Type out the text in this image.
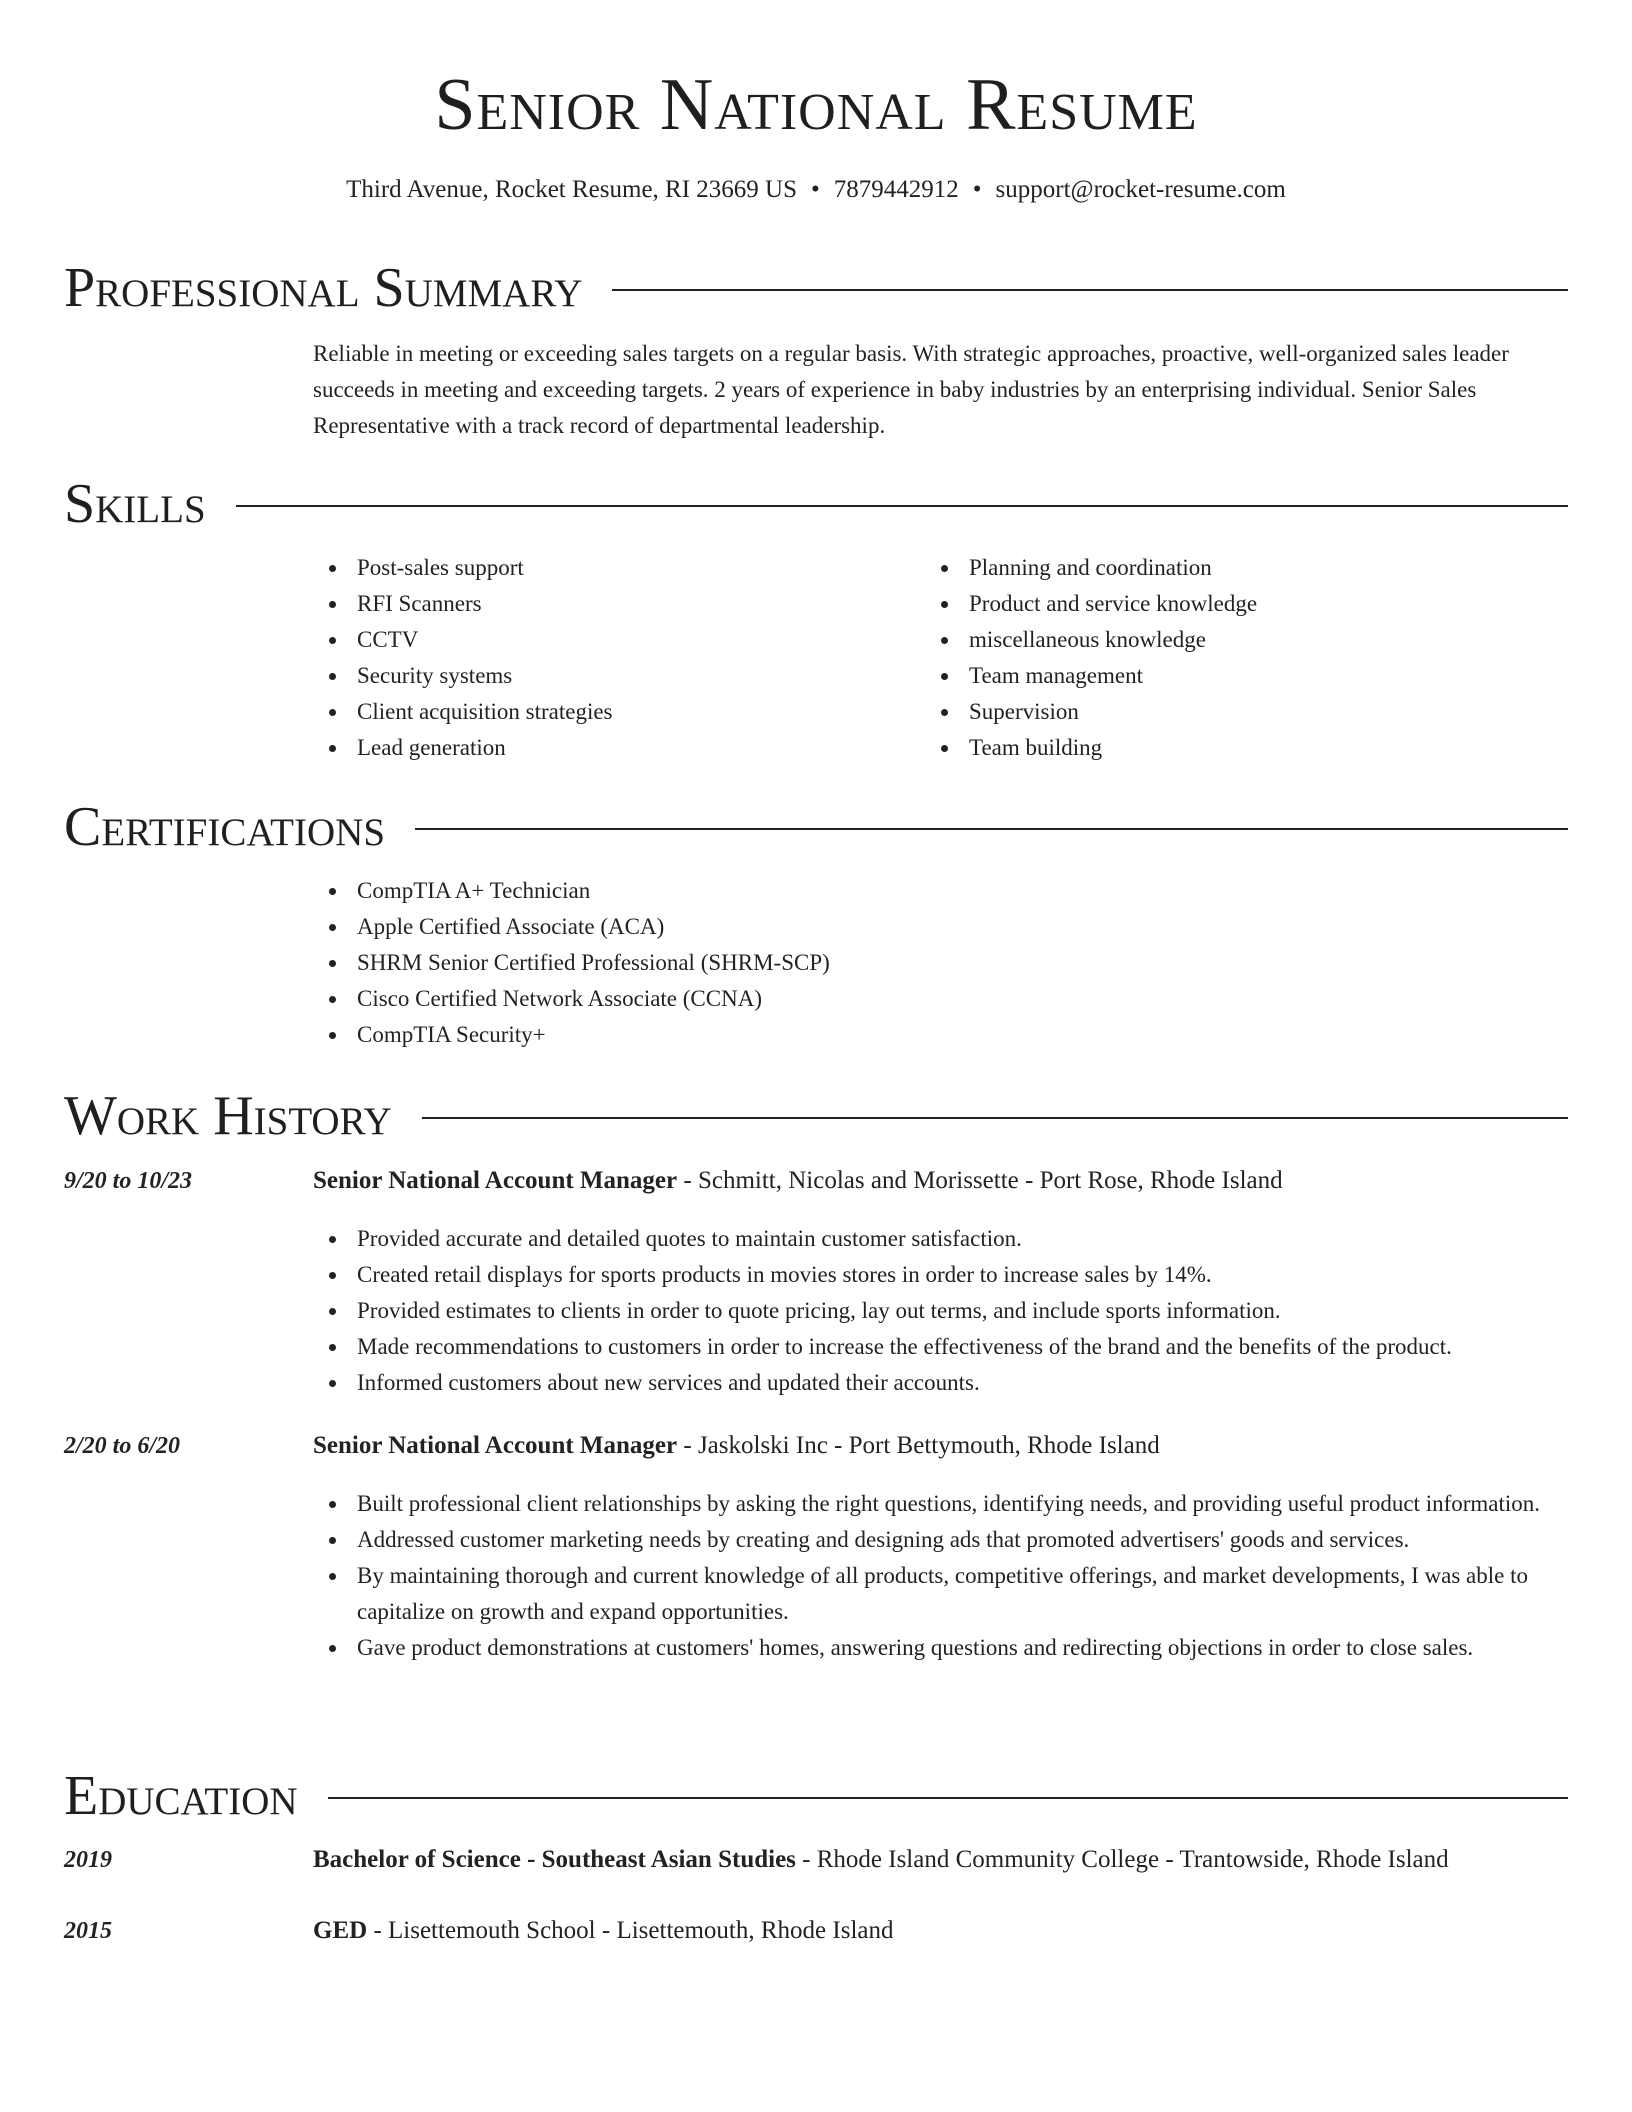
Senior National Resume
Third Avenue, Rocket Resume, RI 23669 US • 7879442912 • support@rocket-resume.com
Professional Summary

Reliable in meeting or exceeding sales targets on a regular basis. With strategic approaches, proactive, well-organized sales leader succeeds in meeting and exceeding targets. 2 years of experience in baby industries by an enterprising individual. Senior Sales Representative with a track record of departmental leadership.

Skills
Post-sales support
RFI Scanners
CCTV
Security systems
Client acquisition strategies
Lead generation
Planning and coordination
Product and service knowledge
miscellaneous knowledge
Team management
Supervision
Team building
Certifications
CompTIA A+ Technician
Apple Certified Associate (ACA)
SHRM Senior Certified Professional (SHRM-SCP)
Cisco Certified Network Associate (CCNA)
CompTIA Security+
Work History
9/20 to 10/23	Senior National Account Manager - Schmitt, Nicolas and Morissette - Port Rose, Rhode Island
Provided accurate and detailed quotes to maintain customer satisfaction.
Created retail displays for sports products in movies stores in order to increase sales by 14%.
Provided estimates to clients in order to quote pricing, lay out terms, and include sports information.
Made recommendations to customers in order to increase the effectiveness of the brand and the benefits of the product.
Informed customers about new services and updated their accounts.
2/20 to 6/20	Senior National Account Manager - Jaskolski Inc - Port Bettymouth, Rhode Island
Built professional client relationships by asking the right questions, identifying needs, and providing useful product information.
Addressed customer marketing needs by creating and designing ads that promoted advertisers' goods and services.
By maintaining thorough and current knowledge of all products, competitive offerings, and market developments, I was able to capitalize on growth and expand opportunities.
Gave product demonstrations at customers' homes, answering questions and redirecting objections in order to close sales.
Education
2019	Bachelor of Science - Southeast Asian Studies - Rhode Island Community College - Trantowside, Rhode Island
2015	GED - Lisettemouth School - Lisettemouth, Rhode Island
